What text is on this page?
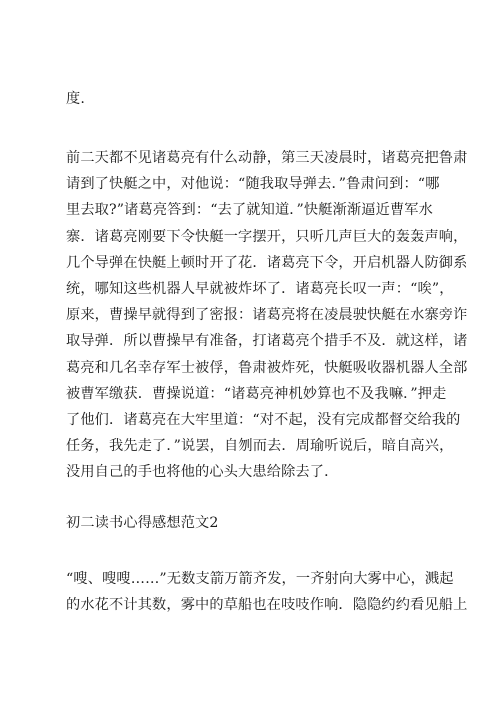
度.
前二天都不见诸葛亮有什么动静，第三天凌晨时，诸葛亮把鲁肃
请到了快艇之中，对他说：“随我取导弹去．”鲁肃问到：“哪
里去取?”诸葛亮答到：“去了就知道．”快艇渐渐逼近曹军水
寨．诸葛亮刚要下令快艇一字摆开，只听几声巨大的轰轰声响，
几个导弹在快艇上顿时开了花．诸葛亮下令，开启机器人防御系
统，哪知这些机器人早就被炸坏了．诸葛亮长叹一声：“唉”，
原来，曹操早就得到了密报：诸葛亮将在凌晨驶快艇在水寨旁诈
取导弹．所以曹操早有准备，打诸葛亮个措手不及．就这样，诸
葛亮和几名幸存军士被俘，鲁肃被炸死，快艇吸收器机器人全部
被曹军缴获．曹操说道：“诸葛亮神机妙算也不及我嘛．”押走
了他们．诸葛亮在大牢里道：“对不起，没有完成都督交给我的
任务，我先走了．”说罢，自刎而去．周瑜听说后，暗自高兴，
没用自己的手也将他的心头大患给除去了．
初二读书心得感想范文2
“嗖、嗖嗖……”无数支箭万箭齐发，一齐射向大雾中心，溅起
的水花不计其数，雾中的草船也在吱吱作响．隐隐约约看见船上
